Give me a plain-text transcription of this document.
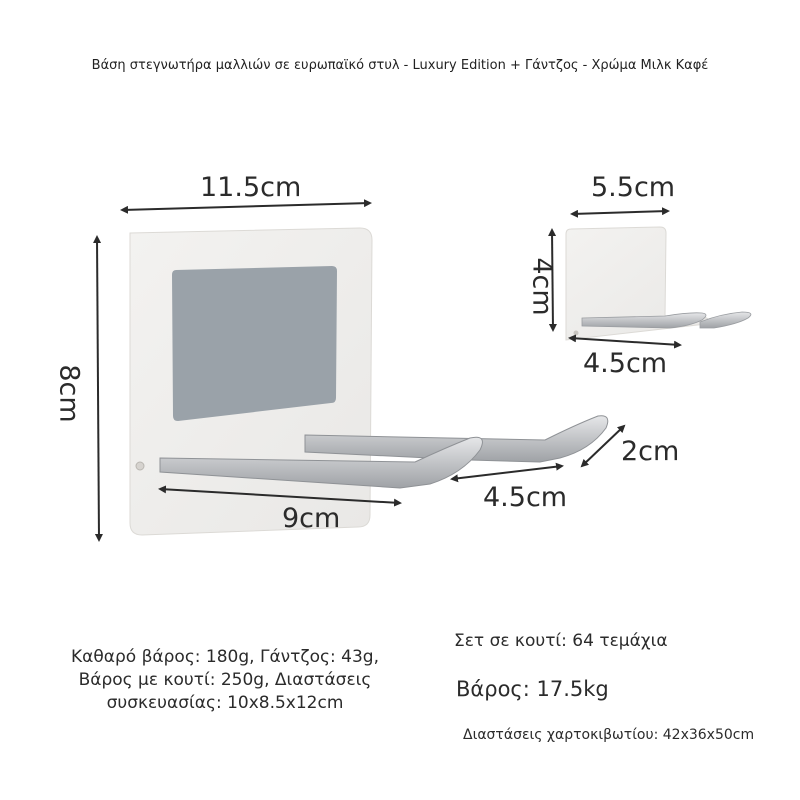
Βάση στεγνωτήρα μαλλιών σε ευρωπαϊκό στυλ - Luxury Edition + Γάντζος - Χρώμα Μιλκ Καφέ
11.5cm
8cm
9cm
4.5cm
2cm
5.5cm
4cm
4.5cm
Καθαρό βάρος: 180g, Γάντζος: 43g,
Βάρος με κουτί: 250g, Διαστάσεις
συσκευασίας: 10x8.5x12cm
Σετ σε κουτί: 64 τεμάχια
Βάρος: 17.5kg
Διαστάσεις χαρτοκιβωτίου: 42x36x50cm
